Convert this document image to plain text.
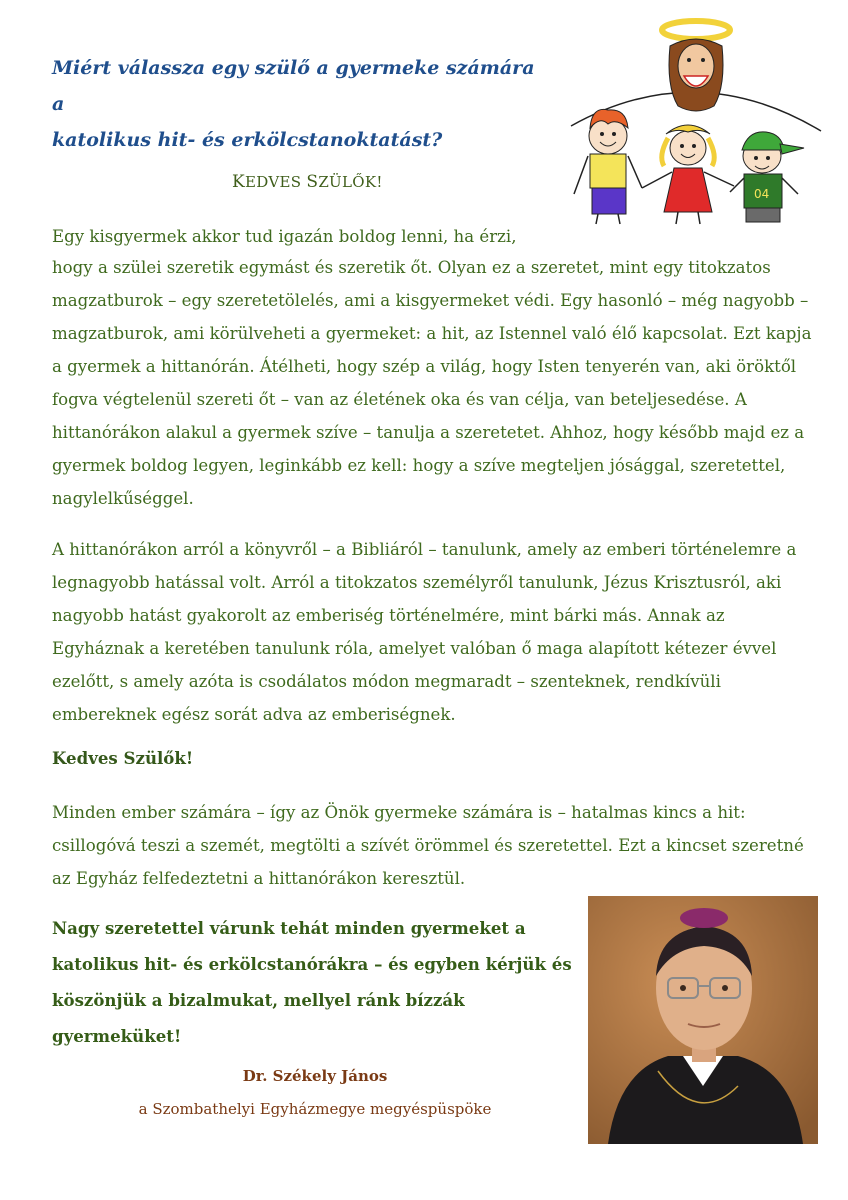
Miért válassza egy szülő a gyermeke számára a
katolikus hit- és erkölcstanoktatást?
04

KEDVES SZÜLŐK!

Egy kisgyermek akkor tud igazán boldog lenni, ha érzi,

hogy a szülei szeretik egymást és szeretik őt. Olyan ez a szeretet, mint egy titokzatos magzatburok – egy szeretetölelés, ami a kisgyermeket védi. Egy hasonló – még nagyobb – magzatburok, ami körülveheti a gyermeket: a hit, az Istennel való élő kapcsolat. Ezt kapja a gyermek a hittanórán. Átélheti, hogy szép a világ, hogy Isten tenyerén van, aki öröktől fogva végtelenül szereti őt – van az életének oka és van célja, van beteljesedése. A hittanórákon alakul a gyermek szíve – tanulja a szeretetet. Ahhoz, hogy később majd ez a gyermek boldog legyen, leginkább ez kell: hogy a szíve megteljen jósággal, szeretettel, nagylelkűséggel.

A hittanórákon arról a könyvről – a Bibliáról – tanulunk, amely az emberi történelemre a legnagyobb hatással volt. Arról a titokzatos személyről tanulunk, Jézus Krisztusról, aki nagyobb hatást gyakorolt az emberiség történelmére, mint bárki más. Annak az Egyháznak a keretében tanulunk róla, amelyet valóban ő maga alapított kétezer évvel ezelőtt, s amely azóta is csodálatos módon megmaradt – szenteknek, rendkívüli embereknek egész sorát adva az emberiségnek.

Kedves Szülők!

Minden ember számára – így az Önök gyermeke számára is – hatalmas kincs a hit: csillogóvá teszi a szemét, megtölti a szívét örömmel és szeretettel. Ezt a kincset szeretné az Egyház felfedeztetni a hittanórákon keresztül.

Nagy szeretettel várunk tehát minden gyermeket a katolikus hit- és erkölcstanórákra – és egyben kérjük és köszönjük a bizalmukat, mellyel ránk bízzák gyermeküket!

Dr. Székely János
a Szombathelyi Egyházmegye megyéspüspöke
